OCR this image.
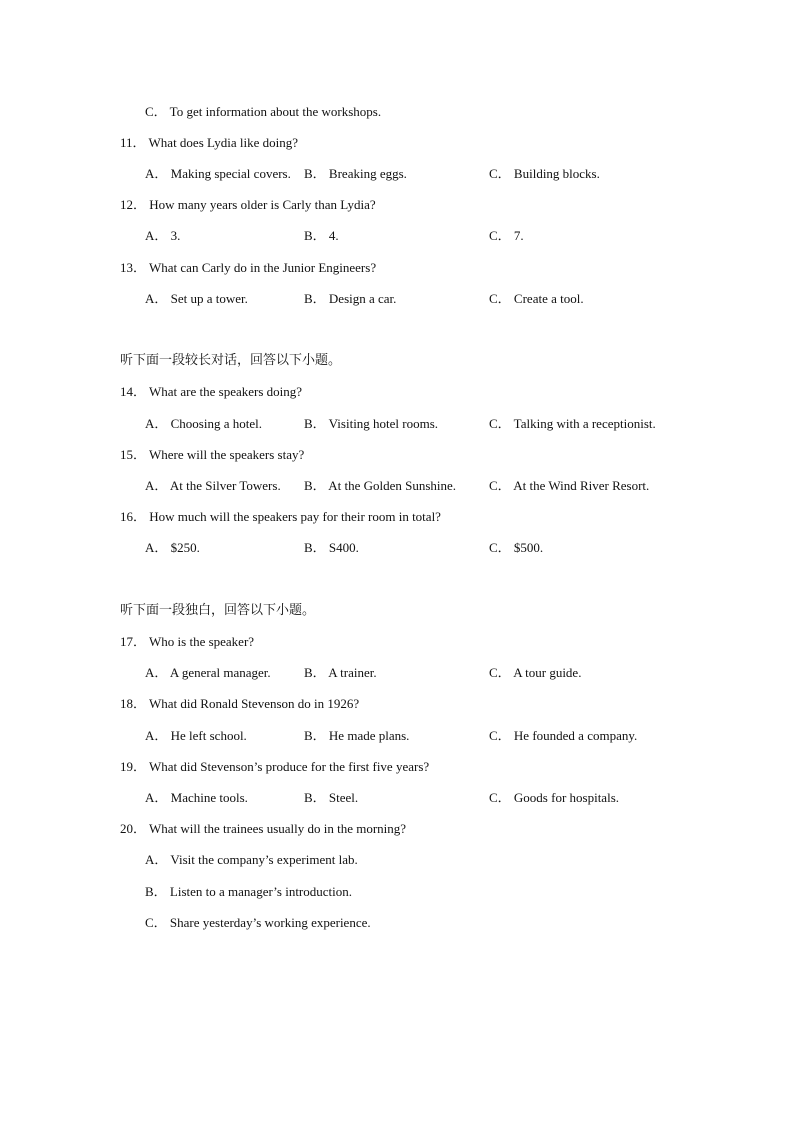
C． To get information about the workshops.
11． What does Lydia like doing?
A． Making special covers. B． Breaking eggs.	C． Building blocks.
12． How many years older is Carly than Lydia?
A． 3.	B． 4.	C． 7.
13． What can Carly do in the Junior Engineers?
A． Set up a tower.	B． Design a car.	C． Create a tool.
听下面一段较长对话，回答以下小题。
14． What are the speakers doing?
A． Choosing a hotel.	B． Visiting hotel rooms.	C． Talking with a receptionist.
15． Where will the speakers stay?
A． At the Silver Towers. B． At the Golden Sunshine.	C． At the Wind River Resort.
16． How much will the speakers pay for their room in total?
A． $250.	B． S400.	C． $500.
听下面一段独白，回答以下小题。
17． Who is the speaker?
A． A general manager.	B． A trainer.	C． A tour guide.
18． What did Ronald Stevenson do in 1926?
A． He left school.	B． He made plans.	C． He founded a company.
19． What did Stevenson’s produce for the first five years?
A． Machine tools.	B． Steel.	C． Goods for hospitals.
20． What will the trainees usually do in the morning?
A． Visit the company’s experiment lab.
B． Listen to a manager’s introduction.
C． Share yesterday’s working experience.
